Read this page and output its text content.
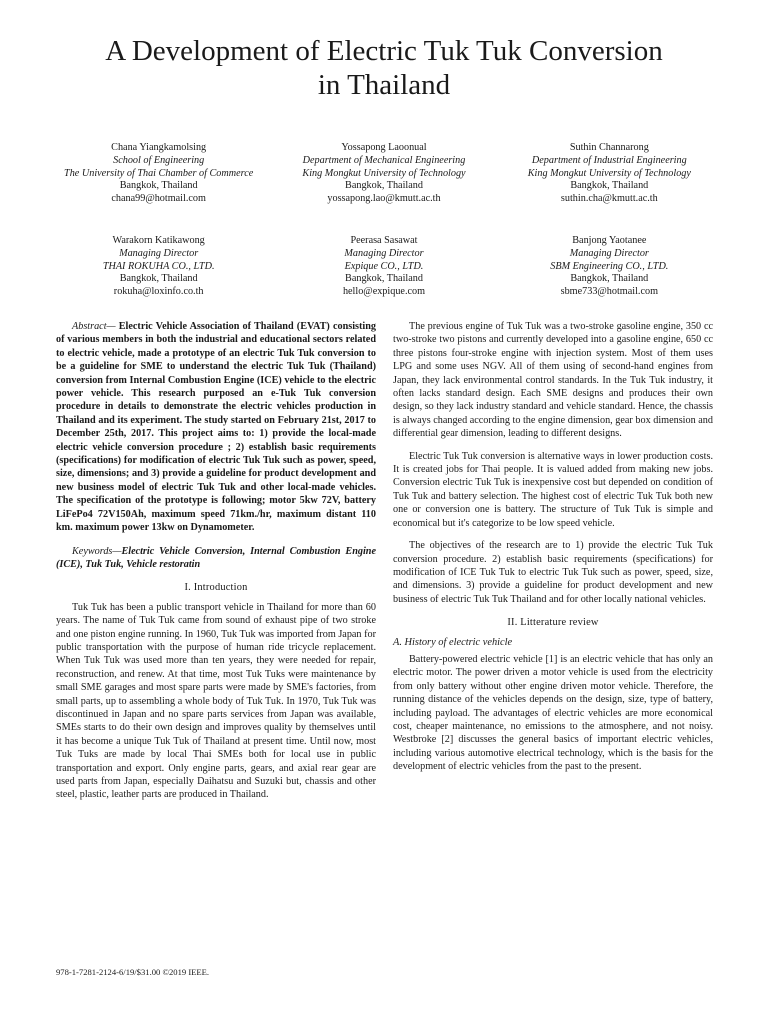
A Development of Electric Tuk Tuk Conversion
in Thailand
Chana Yiangkamolsing
School of Engineering
The University of Thai Chamber of Commerce
Bangkok, Thailand
chana99@hotmail.com
Yossapong Laoonual
Department of Mechanical Engineering
King Mongkut University of Technology
Bangkok, Thailand
yossapong.lao@kmutt.ac.th
Suthin Channarong
Department of Industrial Engineering
King Mongkut University of Technology
Bangkok, Thailand
suthin.cha@kmutt.ac.th
Warakorn Katikawong
Managing Director
THAI ROKUHA CO., LTD.
Bangkok, Thailand
rokuha@loxinfo.co.th
Peerasa Sasawat
Managing Director
Expique CO., LTD.
Bangkok, Thailand
hello@expique.com
Banjong Yaotanee
Managing Director
SBM Engineering CO., LTD.
Bangkok, Thailand
sbme733@hotmail.com

Abstract— Electric Vehicle Association of Thailand (EVAT) consisting of various members in both the industrial and educational sectors related to electric vehicle, made a prototype of an electric Tuk Tuk conversion to be a guideline for SME to understand the electric Tuk Tuk (Thailand) conversion from Internal Combustion Engine (ICE) vehicle to the electric power vehicle. This research purposed an e-Tuk Tuk conversion procedure in details to demonstrate the electric vehicles production in Thailand and its experiment. The study started on February 21st, 2017 to December 25th, 2017. This project aims to: 1) provide the local-made electric vehicle conversion procedure ; 2) establish basic requirements (specifications) for modification of electric Tuk Tuk such as power, speed, size, dimensions; and 3) provide a guideline for product development and new business model of electric Tuk Tuk and other local-made vehicles. The specification of the prototype is following; motor 5kw 72V, battery LiFePo4 72V150Ah, maximum speed 71km./hr, maximum distant 110 km. maximum power 13kw on Dynamometer.

Keywords—Electric Vehicle Conversion, Internal Combustion Engine (ICE), Tuk Tuk, Vehicle restoratin

I. Introduction

Tuk Tuk has been a public transport vehicle in Thailand for more than 60 years. The name of Tuk Tuk came from sound of exhaust pipe of two stroke and one piston engine running. In 1960, Tuk Tuk was imported from Japan for public transportation with the purpose of human ride tricycle replacement. When Tuk Tuk was used more than ten years, they were needed for repair, reconstruction, and renew. At that time, most Tuk Tuks were maintenance by small SME garages and most spare parts were made by SME's factories, from small parts, up to assembling a whole body of Tuk Tuk. In 1970, Tuk Tuk was discontinued in Japan and no spare parts services from Japan was available, SMEs starts to do their own design and improves quality by themselves until it has become a unique Tuk Tuk of Thailand at present time. Until now, most Tuk Tuks are made by local Thai SMEs both for local use in public transportation and export. Only engine parts, gears, and axial rear gear are used parts from Japan, especially Daihatsu and Suzuki but, chassis and other steel, plastic, leather parts are produced in Thailand.

The previous engine of Tuk Tuk was a two-stroke gasoline engine, 350 cc two-stroke two pistons and currently developed into a gasoline engine, 650 cc three pistons four-stroke engine with injection system. Most of them uses LPG and some uses NGV. All of them using of second-hand engines from Japan, they lack environmental control standards. In the Tuk Tuk industry, it often lacks standard design. Each SME designs and produces their own design, so they lack industry standard and vehicle standard. Hence, the chassis is always changed according to the engine dimension, gear box dimension and differential gear dimension, leading to different designs.

Electric Tuk Tuk conversion is alternative ways in lower production costs. It is created jobs for Thai people. It is valued added from making new jobs. Conversion electric Tuk Tuk is inexpensive cost but depended on condition of Tuk Tuk and battery selection. The highest cost of electric Tuk Tuk both new one or conversion one is battery. The structure of Tuk Tuk is simple and economical but it's categorize to be low speed vehicle.

The objectives of the research are to 1) provide the electric Tuk Tuk conversion procedure. 2) establish basic requirements (specifications) for modification of ICE Tuk Tuk to electric Tuk Tuk such as power, speed, size, and dimensions. 3) provide a guideline for product development and new business of electric Tuk Tuk Thailand and for other locally national vehicles.

II. Litterature review
A. History of electric vehicle

Battery-powered electric vehicle [1] is an electric vehicle that has only an electric motor. The power driven a motor vehicle is used from the electricity from only battery without other engine driven motor vehicle. Therefore, the running distance of the vehicles depends on the design, size, type of battery, including payload. The advantages of electric vehicles are more economical cost, cheaper maintenance, no emissions to the atmosphere, and not noisy. Westbroke [2] discusses the general basics of important electric vehicles, including various automotive electrical technology, which is the basis for the development of electric vehicles from the past to the present.

978-1-7281-2124-6/19/$31.00 ©2019 IEEE.
